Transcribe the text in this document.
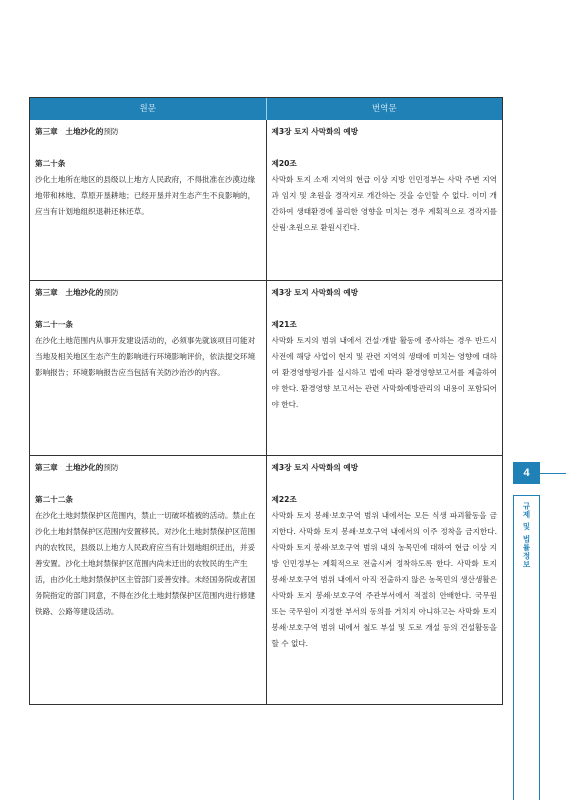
원문	번역문
第三章　土地沙化的预防
第二十条
沙化土地所在地区的县级以上地方人民政府，不得批准在沙漠边缘地带和林地、草原开垦耕地；已经开垦并对生态产生不良影响的，应当有计划地组织退耕还林还草。
제3장 토지 사막화의 예방
제20조
사막화 토지 소재 지역의 현급 이상 지방 인민정부는 사막 주변 지역과 임지 및 초원을 경작지로 개간하는 것을 승인할 수 없다. 이미 개간하여 생태환경에 불리한 영향을 미치는 경우 계획적으로 경작지를 산림·초원으로 환원시킨다.
第三章　土地沙化的预防
第二十一条
在沙化土地范围内从事开发建设活动的，必须事先就该项目可能对当地及相关地区生态产生的影响进行环境影响评价，依法提交环境影响报告；环境影响报告应当包括有关防沙治沙的内容。
제3장 토지 사막화의 예방
제21조
사막화 토지의 범위 내에서 건설·개발 활동에 종사하는 경우 반드시 사전에 해당 사업이 현지 및 관련 지역의 생태에 미치는 영향에 대하여 환경영향평가를 실시하고 법에 따라 환경영향보고서를 제출하여야 한다. 환경영향 보고서는 관련 사막화예방관리의 내용이 포함되어야 한다.
第三章　土地沙化的预防
第二十二条
在沙化土地封禁保护区范围内，禁止一切破坏植被的活动。禁止在沙化土地封禁保护区范围内安置移民。对沙化土地封禁保护区范围内的农牧民，县级以上地方人民政府应当有计划地组织迁出，并妥善安置。沙化土地封禁保护区范围内尚未迁出的农牧民的生产生活，由沙化土地封禁保护区主管部门妥善安排。未经国务院或者国务院指定的部门同意，不得在沙化土地封禁保护区范围内进行修建铁路、公路等建设活动。
제3장 토지 사막화의 예방
제22조
사막화 토지 봉쇄·보호구역 범위 내에서는 모든 식생 파괴활동을 금지한다. 사막화 토지 봉쇄·보호구역 내에서의 이주 정착을 금지한다. 사막화 토지 봉쇄·보호구역 범위 내의 농목민에 대하여 현급 이상 지방 인민정부는 계획적으로 전출시켜 정착하도록 한다. 사막화 토지 봉쇄·보호구역 범위 내에서 아직 전출하지 않은 농목민의 생산생활은 사막화 토지 봉쇄·보호구역 주관부서에서 적절히 안배한다. 국무원 또는 국무원이 지정한 부서의 동의를 거치지 아니하고는 사막화 토지 봉쇄·보호구역 범위 내에서 철도 부설 및 도로 개설 등의 건설활동을 할 수 없다.
4
규제 및 법률정보
